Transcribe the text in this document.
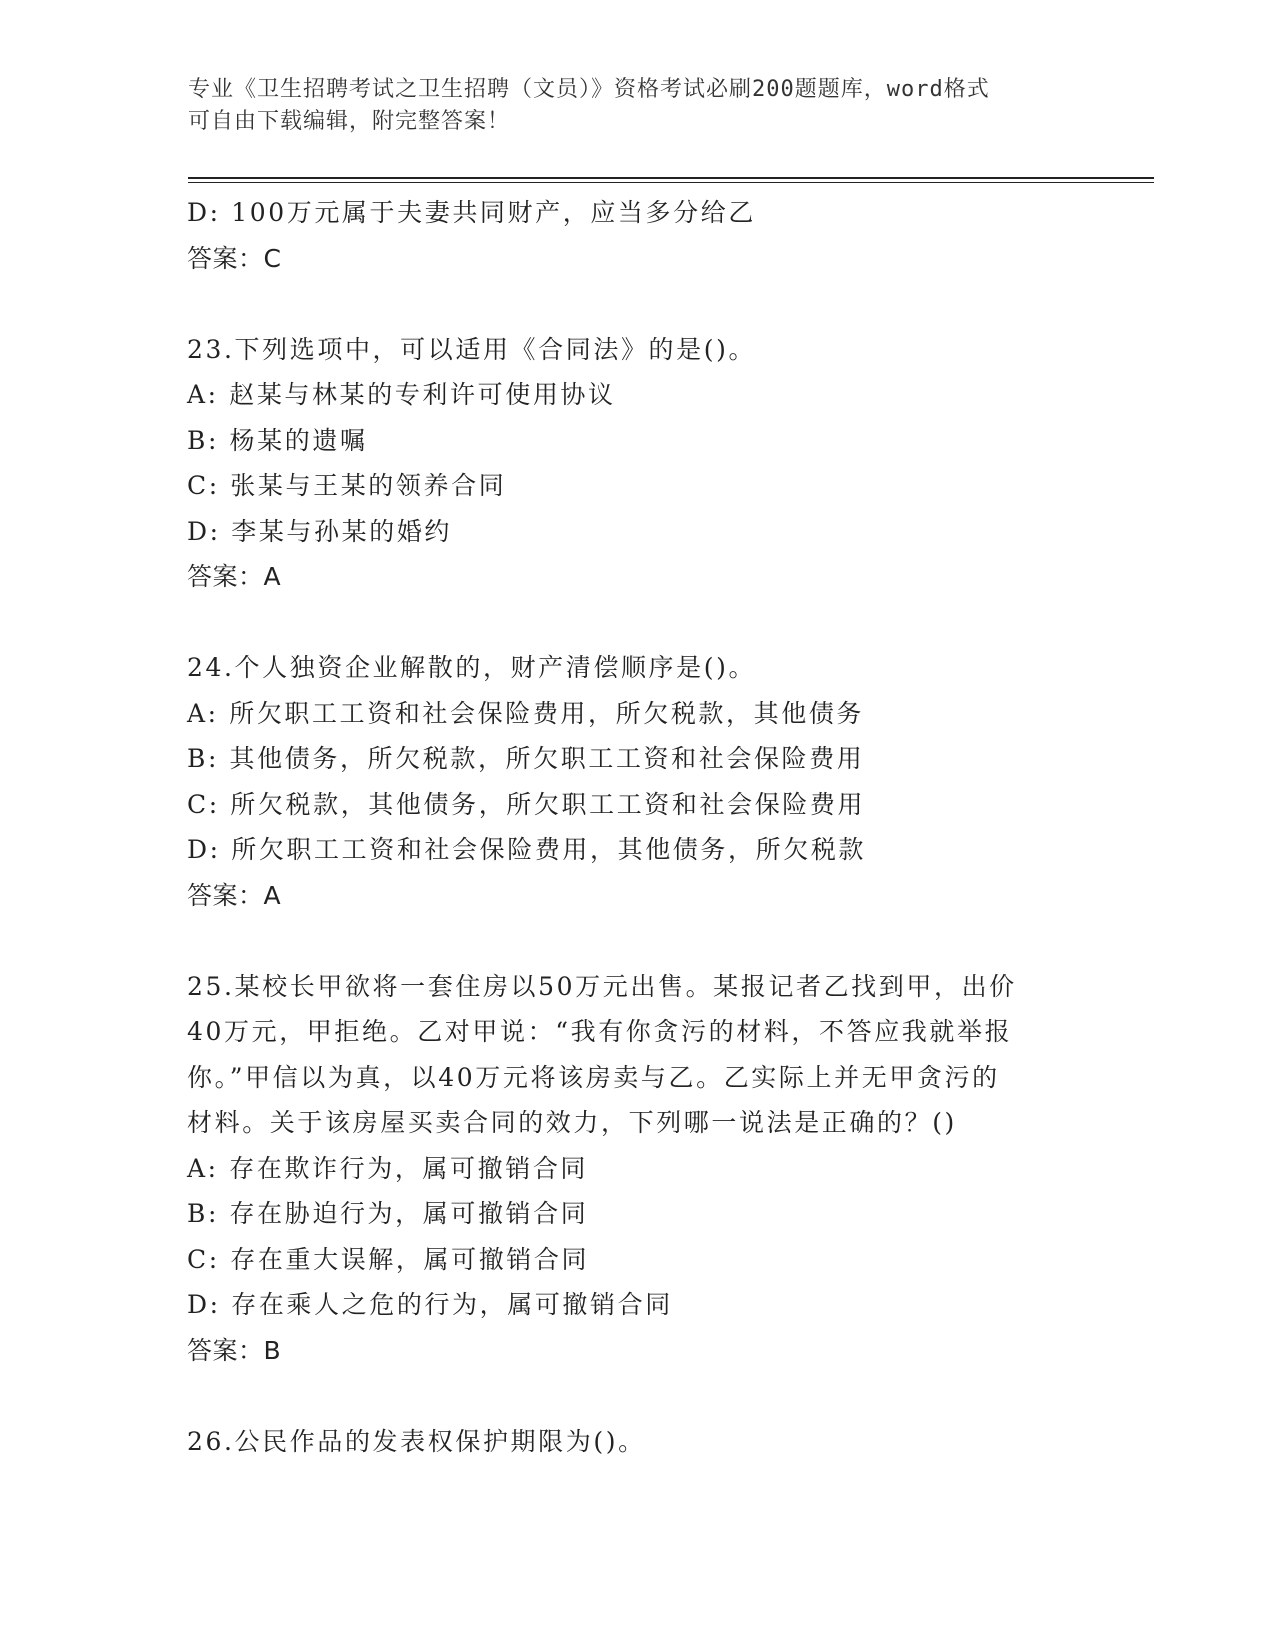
专业《卫生招聘考试之卫生招聘（文员）》资格考试必刷200题题库，word格式
可自由下载编辑，附完整答案！
D: 100万元属于夫妻共同财产，应当多分给乙
答案：C
23.下列选项中，可以适用《合同法》的是()。
A: 赵某与林某的专利许可使用协议
B: 杨某的遗嘱
C: 张某与王某的领养合同
D: 李某与孙某的婚约
答案：A
24.个人独资企业解散的，财产清偿顺序是()。
A: 所欠职工工资和社会保险费用，所欠税款，其他债务
B: 其他债务，所欠税款，所欠职工工资和社会保险费用
C: 所欠税款，其他债务，所欠职工工资和社会保险费用
D: 所欠职工工资和社会保险费用，其他债务，所欠税款
答案：A
25.某校长甲欲将一套住房以50万元出售。某报记者乙找到甲，出价
40万元，甲拒绝。乙对甲说：“我有你贪污的材料，不答应我就举报
你。”甲信以为真，以40万元将该房卖与乙。乙实际上并无甲贪污的
材料。关于该房屋买卖合同的效力，下列哪一说法是正确的？()
A: 存在欺诈行为，属可撤销合同
B: 存在胁迫行为，属可撤销合同
C: 存在重大误解，属可撤销合同
D: 存在乘人之危的行为，属可撤销合同
答案：B
26.公民作品的发表权保护期限为()。
